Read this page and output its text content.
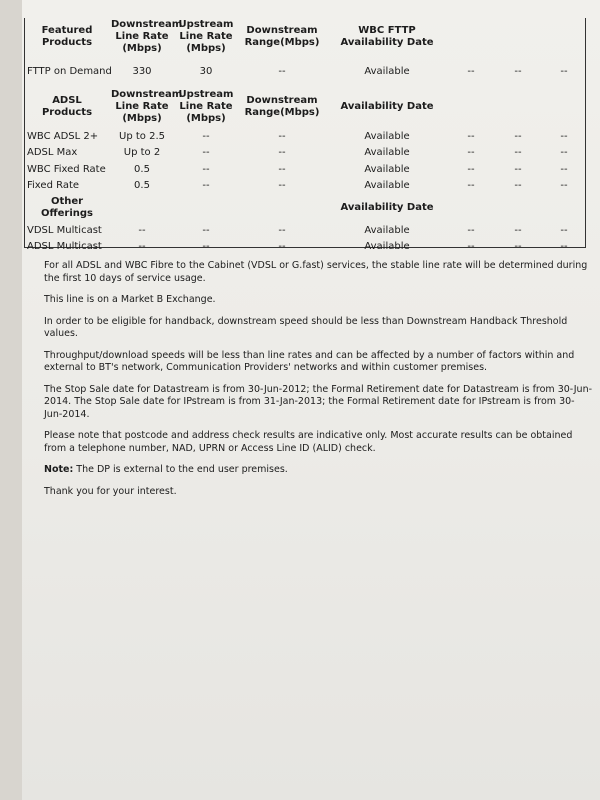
Featured Products	Downstream Line Rate (Mbps)	Upstream Line Rate (Mbps)	Downstream Range(Mbps)	WBC FTTP Availability Date			
FTTP on Demand	330	30	--	Available	--	--	--
ADSL Products	Downstream Line Rate (Mbps)	Upstream Line Rate (Mbps)	Downstream Range(Mbps)	Availability Date			
WBC ADSL 2+	Up to 2.5	--	--	Available	--	--	--
ADSL Max	Up to 2	--	--	Available	--	--	--
WBC Fixed Rate	0.5	--	--	Available	--	--	--
Fixed Rate	0.5	--	--	Available	--	--	--
Other Offerings				Availability Date			
VDSL Multicast	--	--	--	Available	--	--	--
ADSL Multicast	--	--	--	Available	--	--	--

For all ADSL and WBC Fibre to the Cabinet (VDSL or G.fast) services, the stable line rate will be determined during the first 10 days of service usage.

This line is on a Market B Exchange.

In order to be eligible for handback, downstream speed should be less than Downstream Handback Threshold values.

Throughput/download speeds will be less than line rates and can be affected by a number of factors within and external to BT's network, Communication Providers' networks and within customer premises.

The Stop Sale date for Datastream is from 30-Jun-2012; the Formal Retirement date for Datastream is from 30-Jun-2014. The Stop Sale date for IPstream is from 31-Jan-2013; the Formal Retirement date for IPstream is from 30-Jun-2014.

Please note that postcode and address check results are indicative only. Most accurate results can be obtained from a telephone number, NAD, UPRN or Access Line ID (ALID) check.

Note: The DP is external to the end user premises.

Thank you for your interest.
